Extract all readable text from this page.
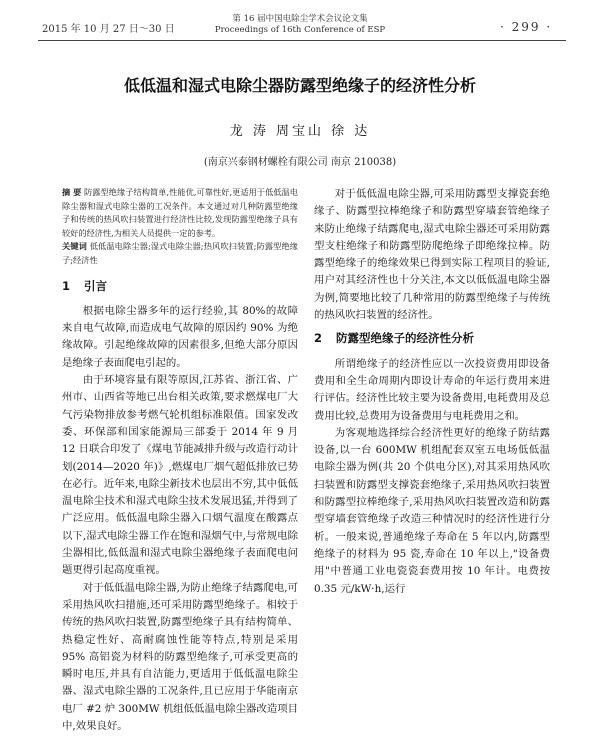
2015 年 10 月 27 日～30 日
第 16 届中国电除尘学术会议论文集
Proceedings of 16th Conference of ESP	· 299 ·
低低温和湿式电除尘器防露型绝缘子的经济性分析
龙 涛 周宝山 徐 达
(南京兴泰钢材螺栓有限公司 南京 210038)
摘 要 防露型绝缘子结构简单,性能优,可靠性好,更适用于低低温电除尘器和湿式电除尘器的工况条件。本文通过对几种防露型绝缘子和传统的热风吹扫装置进行经济性比较,发现防露型绝缘子具有较好的经济性,为相关人员提供一定的参考。
关键词 低低温电除尘器;湿式电除尘器;热风吹扫装置;防露型绝缘子;经济性
1 引言

根据电除尘器多年的运行经验,其 80%的故障来自电气故障,而造成电气故障的原因约 90% 为绝缘故障。引起绝缘故障的因素很多,但绝大部分原因是绝缘子表面爬电引起的。

由于环境容量有限等原因,江苏省、浙江省、广州市、山西省等地已出台相关政策,要求燃煤电厂大气污染物排放参考燃气轮机组标准限值。国家发改委、环保部和国家能源局三部委于 2014 年 9 月 12 日联合印发了《煤电节能减排升级与改造行动计划(2014—2020 年)》,燃煤电厂烟气超低排放已势在必行。近年来,电除尘新技术也层出不穷,其中低低温电除尘技术和湿式电除尘技术发展迅猛,并得到了广泛应用。低低温电除尘器入口烟气温度在酸露点以下,湿式电除尘器工作在饱和湿烟气中,与常规电除尘器相比,低低温和湿式电除尘器绝缘子表面爬电问题更得引起高度重视。

对于低低温电除尘器,为防止绝缘子结露爬电,可采用热风吹扫措施,还可采用防露型绝缘子。相较于传统的热风吹扫装置,防露型绝缘子具有结构简单、热稳定性好、高耐腐蚀性能等特点,特别是采用 95% 高铝瓷为材料的防露型绝缘子,可承受更高的瞬时电压,并具有自洁能力,更适用于低低温电除尘器、湿式电除尘器的工况条件,且已应用于华能南京电厂 #2 炉 300MW 机组低低温电除尘器改造项目中,效果良好。

对于低低温电除尘器,可采用防露型支撑瓷套绝缘子、防露型拉棒绝缘子和防露型穿墙套管绝缘子来防止绝缘子结露爬电,湿式电除尘器还可采用防露型支柱绝缘子和防露型防爬绝缘子即绝缘拉棒。防露型绝缘子的绝缘效果已得到实际工程项目的验证,用户对其经济性也十分关注,本文以低低温电除尘器为例,简要地比较了几种常用的防露型绝缘子与传统的热风吹扫装置的经济性。

2 防露型绝缘子的经济性分析

所谓绝缘子的经济性应以一次投资费用即设备费用和全生命周期内即设计寿命的年运行费用来进行评估。经济性比较主要为设备费用,电耗费用及总费用比较,总费用为设备费用与电耗费用之和。

为客观地选择综合经济性更好的绝缘子防结露设备,以一台 600MW 机组配套双室五电场低低温电除尘器为例(共 20 个供电分区),对其采用热风吹扫装置和防露型支撑瓷套绝缘子,采用热风吹扫装置和防露型拉棒绝缘子,采用热风吹扫装置改造和防露型穿墙套管绝缘子改造三种情况时的经济性进行分析。一般来说,普通绝缘子寿命在 5 年以内,防露型绝缘子的材料为 95 瓷,寿命在 10 年以上,"设备费用"中普通工业电瓷瓷套费用按 10 年计。电费按 0.35 元/kW·h,运行
